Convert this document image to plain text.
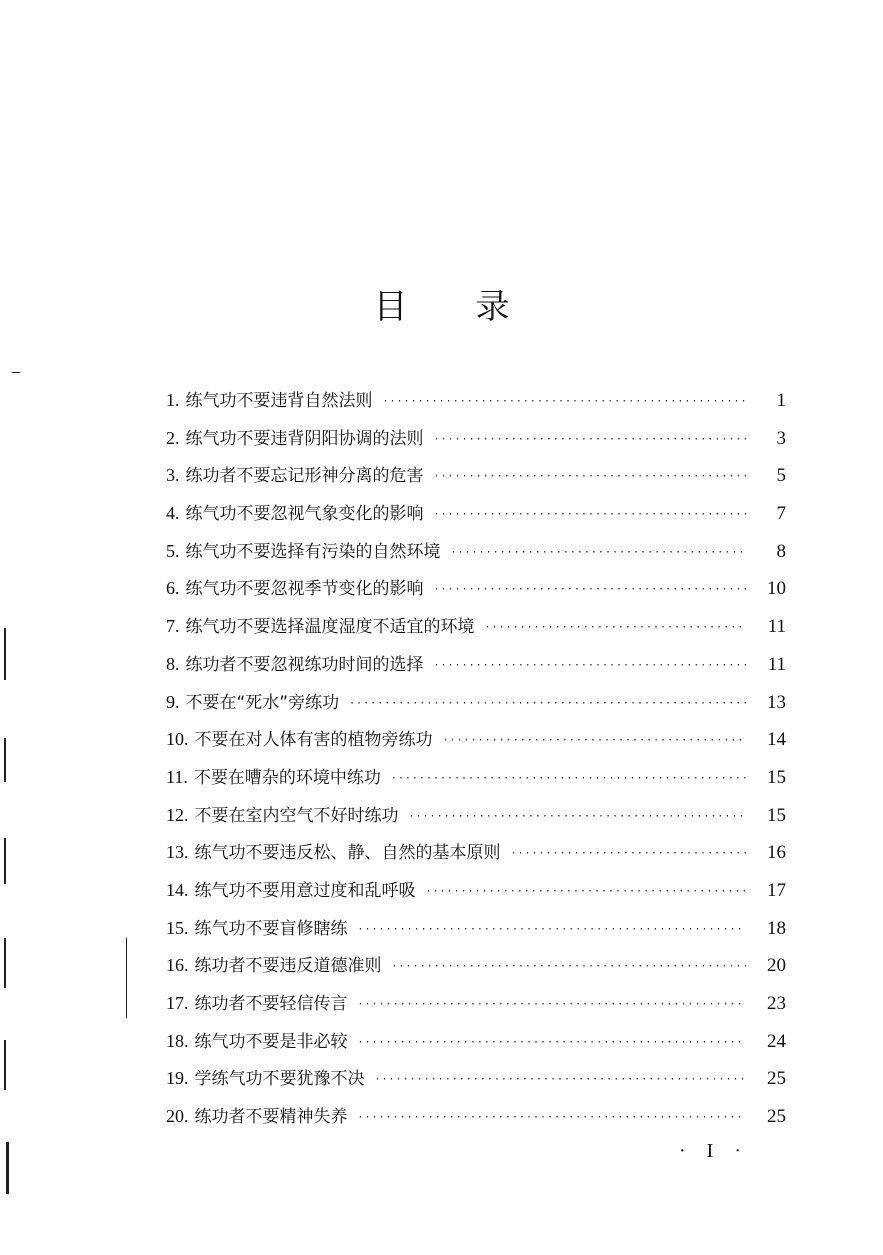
目录
1. 练气功不要违背自然法则 ·····	1
2. 练气功不要违背阴阳协调的法则 ·····	3
3. 练功者不要忘记形神分离的危害 ·····	5
4. 练气功不要忽视气象变化的影响 ·····	7
5. 练气功不要选择有污染的自然环境 ·····	8
6. 练气功不要忽视季节变化的影响 ·····	10
7. 练气功不要选择温度湿度不适宜的环境 ·····	11
8. 练功者不要忽视练功时间的选择 ·····	11
9. 不要在“死水”旁练功 ·····	13
10. 不要在对人体有害的植物旁练功 ·····	14
11. 不要在嘈杂的环境中练功 ·····	15
12. 不要在室内空气不好时练功 ·····	15
13. 练气功不要违反松、静、自然的基本原则 ·····	16
14. 练气功不要用意过度和乱呼吸 ·····	17
15. 练气功不要盲修瞎练 ·····	18
16. 练功者不要违反道德准则 ·····	20
17. 练功者不要轻信传言 ·····	23
18. 练气功不要是非必较 ·····	24
19. 学练气功不要犹豫不决 ·····	25
20. 练功者不要精神失养 ·····	25
· I ·
